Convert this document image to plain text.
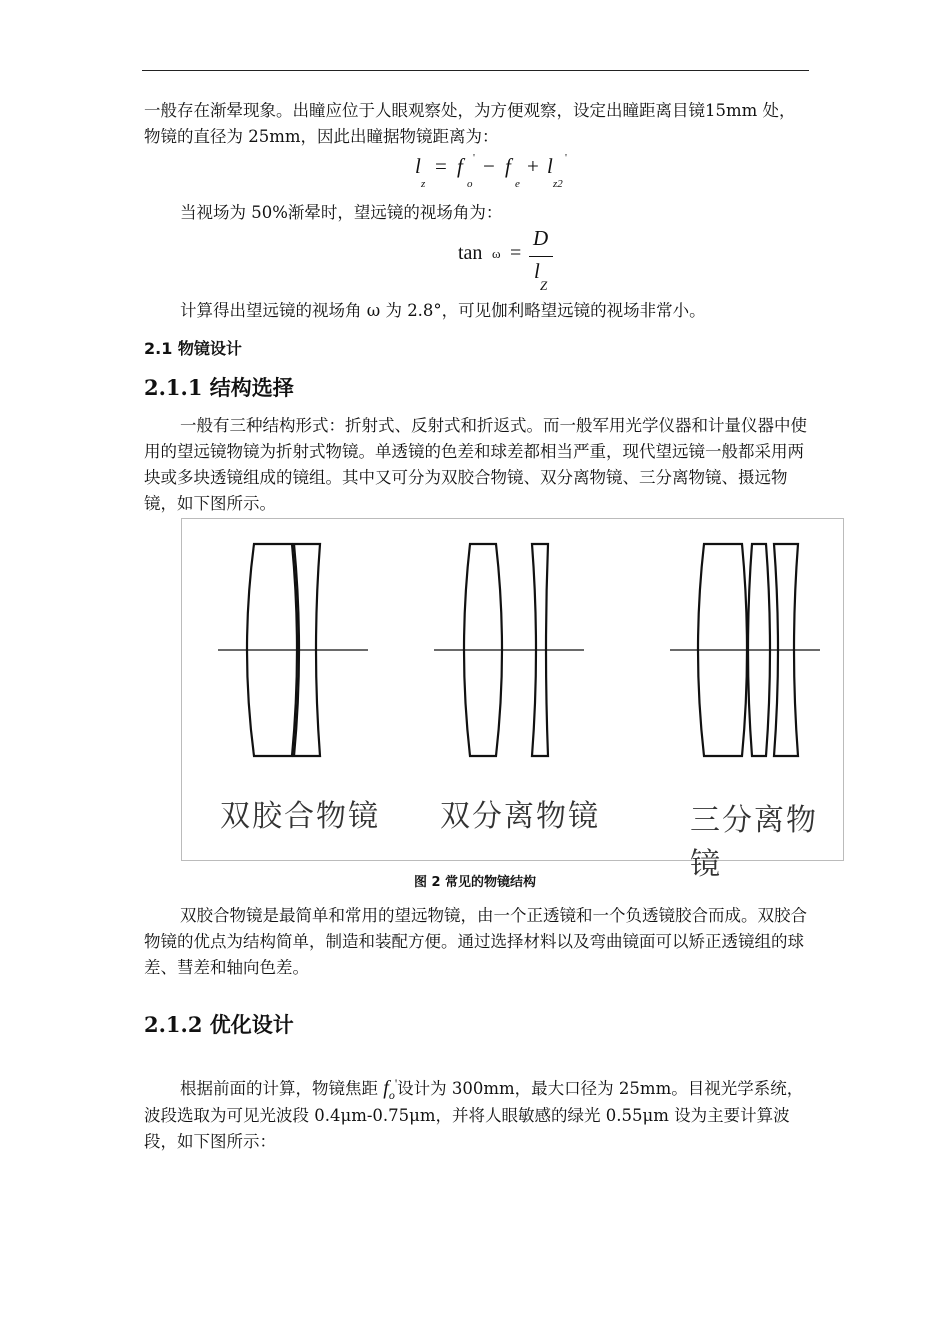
一般存在渐晕现象。出瞳应位于人眼观察处，为方便观察，设定出瞳距离目镜15mm 处，物镜的直径为 25mm，因此出瞳据物镜距离为：

l
z
= f '
o
− f
e
+ l '
z2

当视场为 50%渐晕时，望远镜的视场角为：

tan ω =
D
l
Z

计算得出望远镜的视场角 ω 为 2.8°，可见伽利略望远镜的视场非常小。

2.1 物镜设计
2.1.1 结构选择

一般有三种结构形式：折射式、反射式和折返式。而一般军用光学仪器和计量仪器中使用的望远镜物镜为折射式物镜。单透镜的色差和球差都相当严重，现代望远镜一般都采用两块或多块透镜组成的镜组。其中又可分为双胶合物镜、双分离物镜、三分离物镜、摄远物镜，如下图所示。

双胶合物镜 双分离物镜	三分离物镜
图 2 常见的物镜结构

双胶合物镜是最简单和常用的望远物镜，由一个正透镜和一个负透镜胶合而成。双胶合物镜的优点为结构简单，制造和装配方便。通过选择材料以及弯曲镜面可以矫正透镜组的球差、彗差和轴向色差。

2.1.2 优化设计

根据前面的计算，物镜焦距 $f_o'$设计为 300mm，最大口径为 25mm。目视光学系统，波段选取为可见光波段 0.4μm-0.75μm，并将人眼敏感的绿光 0.55μm 设为主要计算波段，如下图所示：
